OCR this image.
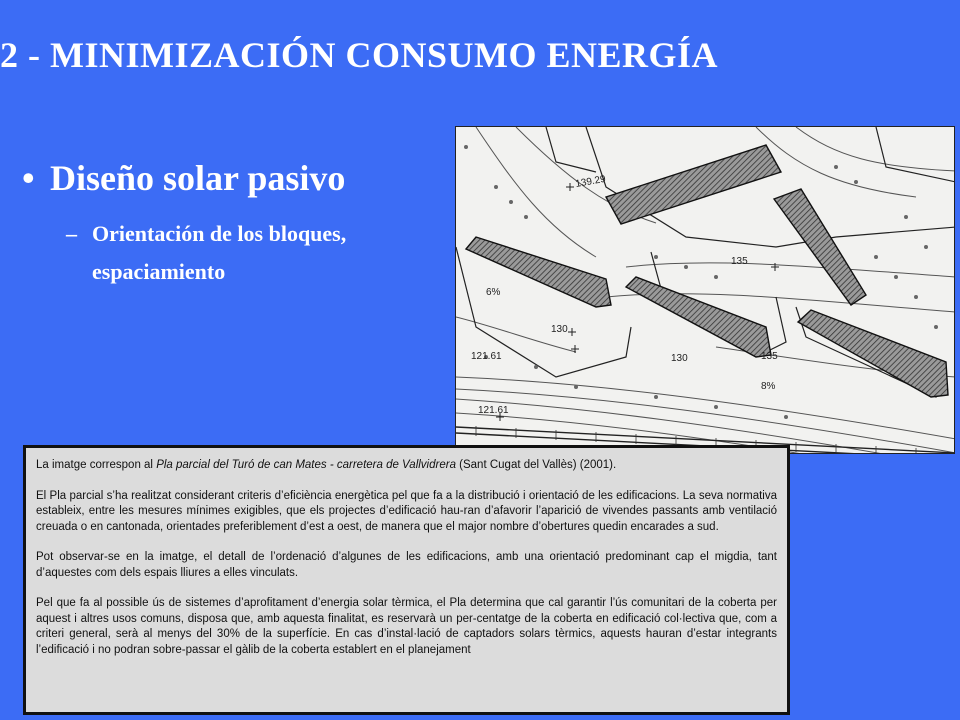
2 - MINIMIZACIÓN CONSUMO ENERGÍA
• Diseño solar pasivo
– Orientación de los bloques, espaciamiento
139.29
135
130
130	135
121.61
121.61
6%
8%

La imatge correspon al Pla parcial del Turó de can Mates - carretera de Vallvidrera (Sant Cugat del Vallès) (2001).

El Pla parcial s’ha realitzat considerant criteris d’eficiència energètica pel que fa a la distribució i orientació de les edificacions. La seva normativa estableix, entre les mesures mínimes exigibles, que els projectes d’edificació hau-ran d’afavorir l’aparició de vivendes passants amb ventilació creuada o en cantonada, orientades preferiblement d’est a oest, de manera que el major nombre d’obertures quedin encarades a sud.

Pot observar-se en la imatge, el detall de l’ordenació d’algunes de les edificacions, amb una orientació predominant cap el migdia, tant d’aquestes com dels espais lliures a elles vinculats.

Pel que fa al possible ús de sistemes d’aprofitament d’energia solar tèrmica, el Pla determina que cal garantir l’ús comunitari de la coberta per aquest i altres usos comuns, disposa que, amb aquesta finalitat, es reservarà un per-centatge de la coberta en edificació col·lectiva que, com a criteri general, serà al menys del 30% de la superfície. En cas d’instal·lació de captadors solars tèrmics, aquests hauran d’estar integrants l’edificació i no podran sobre-passar el gàlib de la coberta establert en el planejament
